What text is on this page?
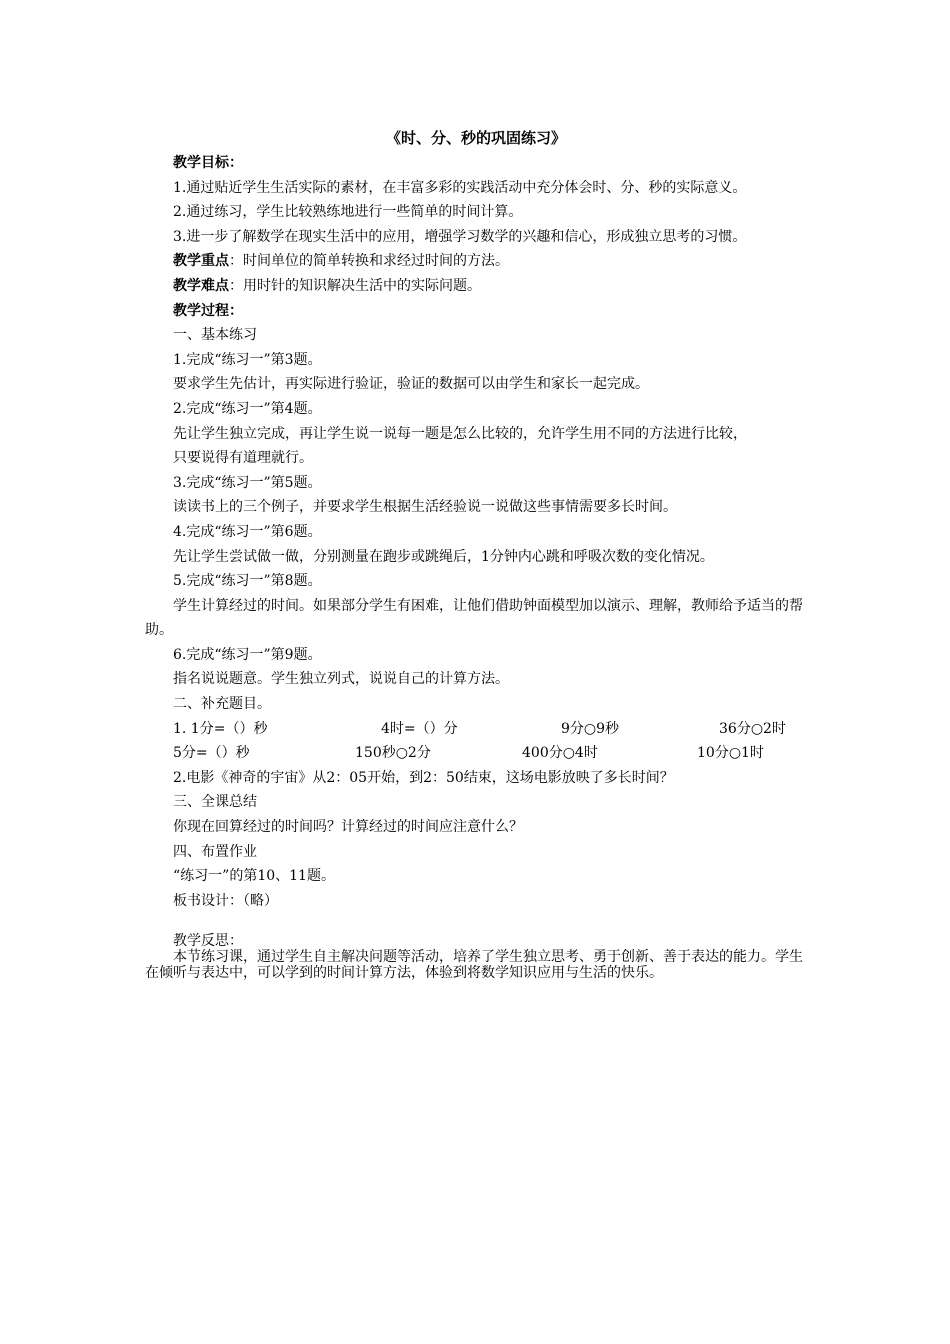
《时、分、秒的巩固练习》

教学目标：

1.通过贴近学生生活实际的素材，在丰富多彩的实践活动中充分体会时、分、秒的实际意义。

2.通过练习，学生比较熟练地进行一些简单的时间计算。

3.进一步了解数学在现实生活中的应用，增强学习数学的兴趣和信心，形成独立思考的习惯。

教学重点：时间单位的简单转换和求经过时间的方法。

教学难点：用时针的知识解决生活中的实际问题。

教学过程：

一、基本练习

1.完成“练习一”第3题。

要求学生先估计，再实际进行验证，验证的数据可以由学生和家长一起完成。

2.完成“练习一”第4题。

先让学生独立完成，再让学生说一说每一题是怎么比较的，允许学生用不同的方法进行比较，

只要说得有道理就行。

3.完成“练习一”第5题。

读读书上的三个例子，并要求学生根据生活经验说一说做这些事情需要多长时间。

4.完成“练习一”第6题。

先让学生尝试做一做，分别测量在跑步或跳绳后，1分钟内心跳和呼吸次数的变化情况。

5.完成“练习一”第8题。

学生计算经过的时间。如果部分学生有困难，让他们借助钟面模型加以演示、理解，教师给予适当的帮助。

6.完成“练习一”第9题。

指名说说题意。学生独立列式，说说自己的计算方法。

二、补充题目。

1. 1分=（）秒	4时=（）分	9分○9秒	36分○2时
5分=（）秒	150秒○2分	400分○4时	10分○1时

2.电影《神奇的宇宙》从2：05开始，到2：50结束，这场电影放映了多长时间？

三、全课总结

你现在回算经过的时间吗？计算经过的时间应注意什么？

四、布置作业

“练习一”的第10、11题。

板书设计：（略）

教学反思：

本节练习课，通过学生自主解决问题等活动，培养了学生独立思考、勇于创新、善于表达的能力。学生在倾听与表达中，可以学到的时间计算方法，体验到将数学知识应用与生活的快乐。
